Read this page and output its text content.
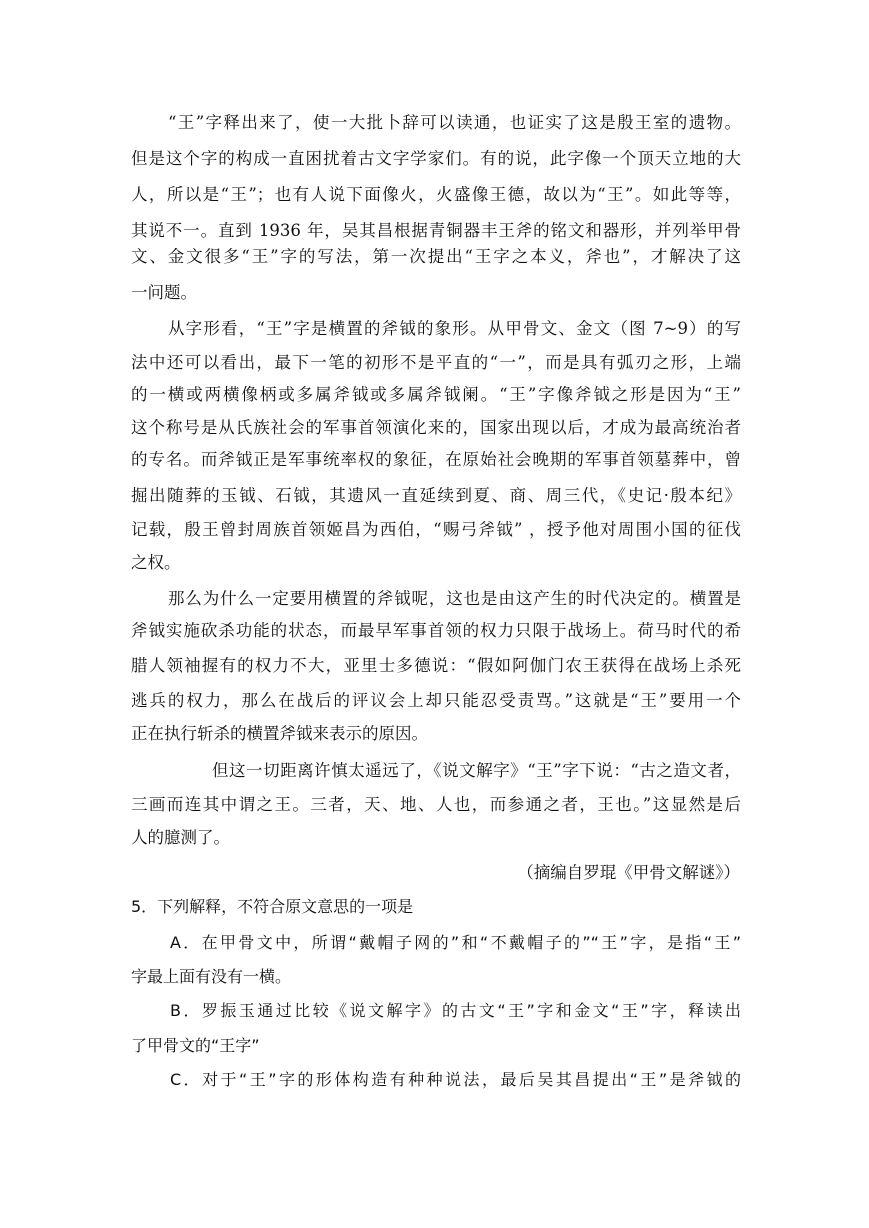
“王”字释出来了，使一大批卜辞可以读通，也证实了这是殷王室的遗物。
但是这个字的构成一直困扰着古文字学家们。有的说，此字像一个顶天立地的大
人，所以是“王”；也有人说下面像火，火盛像王德，故以为“王”。如此等等，
其说不一。直到 1936 年，吴其昌根据青铜器丰王斧的铭文和器形，并列举甲骨
文、金文很多“王”字的写法，第一次提出“王字之本义，斧也”，才解决了这
一问题。
从字形看，“王”字是横置的斧钺的象形。从甲骨文、金文（图 7~9）的写
法中还可以看出，最下一笔的初形不是平直的“一”，而是具有弧刃之形，上端
的一横或两横像柄或多属斧钺或多属斧钺阑。“王”字像斧钺之形是因为“王”
这个称号是从氏族社会的军事首领演化来的，国家出现以后，才成为最高统治者
的专名。而斧钺正是军事统率权的象征，在原始社会晚期的军事首领墓葬中，曾
掘出随葬的玉钺、石钺，其遗风一直延续到夏、商、周三代，《史记·殷本纪》
记载，殷王曾封周族首领姬昌为西伯，“赐弓斧钺” ，授予他对周围小国的征伐
之权。
那么为什么一定要用横置的斧钺呢，这也是由这产生的时代决定的。横置是
斧钺实施砍杀功能的状态，而最早军事首领的权力只限于战场上。荷马时代的希
腊人领袖握有的权力不大，亚里士多德说：“假如阿伽门农王获得在战场上杀死
逃兵的权力，那么在战后的评议会上却只能忍受责骂。”这就是“王”要用一个
正在执行斩杀的横置斧钺来表示的原因。
但这一切距离许慎太遥远了，《说文解字》“王”字下说：“古之造文者，
三画而连其中谓之王。三者，天、地、人也，而参通之者，王也。”这显然是后
人的臆测了。
（摘编自罗琨《甲骨文解谜》）
5．下列解释，不符合原文意思的一项是
A．在甲骨文中，所谓“戴帽子网的”和“不戴帽子的”“王”字，是指“王”
字最上面有没有一横。
B．罗振玉通过比较《说文解字》的古文“王”字和金文“王”字，释读出
了甲骨文的“王字”
C．对于“王”字的形体构造有种种说法，最后吴其昌提出“王”是斧钺的
